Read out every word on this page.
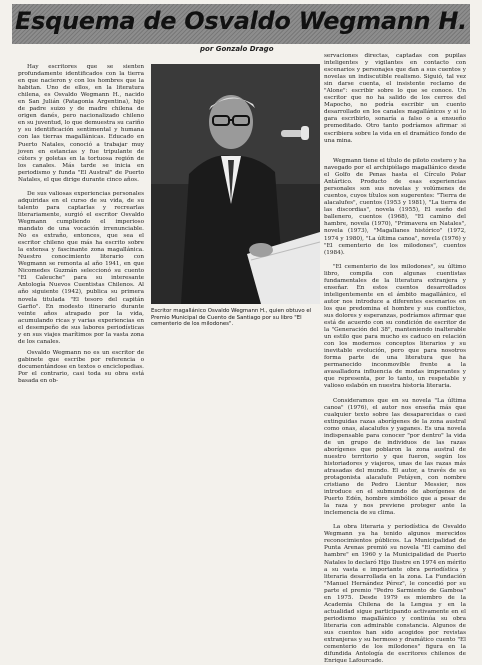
Esquema de Osvaldo Wegmann H.
por Gonzalo Drago

Hay escritores que se sienten profundamente identificados con la tierra en que nacieron y con los hombres que la habitan. Uno de ellos, en la literatura chilena, es Osvaldo Wegmann H., nacido en San Julián (Patagonia Argentina), hijo de padre suizo y de madre chilena de origen danés, pero nacionalizado chileno en su juventud, lo que demuestra su cariño y su identificación sentimental y humana con las tierras magallánicas. Educado en Puerto Natales, conoció a trabajar muy joven en estancias y fue tripulante de cúters y goletas en la tortuosa región de los canales. Más tarde se inicia en periodismo y funda "El Austral" de Puerto Natales, el que dirige durante cinco años.

De sus valiosas experiencias personales adquiridas en el curso de su vida, de su talento para captarlas y recrearlas literariamente, surgió el escritor Osvaldo Wegmann cumpliendo el imperioso mandato de una vocación irrenunciable. No es extraño, entonces, que sea el escritor chileno que más ha escrito sobre la extensa y fascinante zona magallánica. Nuestro conocimiento literario con Wegmann se remonta al año 1941, en que Nicomedes Guzmán seleccionó su cuento "El Caleuche" para su interesante Antología Nuevos Cuentistas Chilenos. Al año siguiente (1942), publica su primera novela titulada "El tesoro del capitán Garfio". En modesto itinerario durante veinte años atrapado por la vida, acumulando ricas y varias experiencias en el desempeño de sus labores periodísticas y en sus viajes marítimos por la vasta zona de los canales.

Osvaldo Wegmann no es un escritor de gabinete que escribe por referencia o documentándose en textos o enciclopedias. Por el contrario, casi toda su obra está basada en ob-

Escritor magallánico Osvaldo Wegmann H., quien obtuvo el Premio Municipal de Cuento de Santiago por su libro "El cementerio de los milodones".

servaciones directas, captadas con pupilas inteligentes y vigilantes en contacto con escenarios y personajes que dan a sus cuentos y novelas un indiscutible realismo. Siguió, tal vez sin darse cuenta, el insistente reclamo de "Alone": escribir sobre lo que se conoce. Un escritor que no ha salido de los cerros del Mapocho, no podría escribir un cuento desarrollado en los canales magallánicos y si lo gara escribirlo, sonaría a falso o a ensueño premeditado. Otro tanto podríamos afirmar si escribiera sobre la vida en el dramático fondo de una mina.

Wegmann tiene el título de piloto costero y ha navegado por el archipiélago magallánico desde el Golfo de Penas hasta el Círculo Polar Antártico. Producto de esas experiencias personales son sus novelas y volúmenes de cuentos, cuyos títulos son sugerentes: "Tierra de alacalufes", cuentos (1953 y 1981), "La tierra de las discordias", novela (1955), El sueño del ballenero, cuentos (1968), "El camino del hambre, novela (1970), "Primavera en Natales", novela (1973), "Magallanes histórico" (1972, 1974 y 1980), "La última canoa", novela (1976) y "El cementerio de los milodones", cuentos (1984).

"El cementerio de los milodones", su último libro, compila con algunas cuentistas fundamentales de la literatura extranjera y enseñar. En estos cuentos desarrollados inteligentemente en el ámbito magallánico, el autor nos introduce a diferentes escenarios en los que predomina el hombre y sus conflictos, sus dolores y esperanzas, podríamos afirmar que está de acuerdo con su condición de escritor de la "Generación del 38", manteniendo inalterable un estilo que para mucho es caduco en relación con los modernos conceptos literarios y su inevitable evolución, pero que para nosotros forma parte de una literatura que ha permanecido inconmovible frente a la avasalladora influencia de modas imperantes y que representa, por lo tanto, un respetable y valioso eslabón en nuestra historia literaria.

Consideramos que en su novela "La última canoa" (1976), el autor nos enseña más que cualquier texto sobre las desaparecidas o casi extinguidas razas aborígenes de la zona austral como onas, alacalufes y yaganes. Es una novela indispensable para conocer "por dentro" la vida de un grupo de individuos de las razas aborígenes que poblaron la zona austral de nuestro territorio y que fueron, según los historiadores y viajeros, unas de las razas más atrasadas del mundo. El autor, a través de su protagonista alacalufe Petáyen, con nombre cristiano de Pedro Lientur Messier, nos introduce en el submundo de aborígenes de Puerto Edén, hombre simbólico que a pesar de la raza y nos previene proteger ante la inclemencia de su clima.

La obra literaria y periodística de Osvaldo Wegmann ya ha tenido algunos merecidos reconocimientos públicos. La Municipalidad de Punta Arenas premió su novela "El camino del hambre" en 1960 y la Municipalidad de Puerto Natales lo declaró Hijo Ilustre en 1974 en mérito a su vasta e importante obra periodística y literaria desarrollada en la zona. La Fundación "Manuel Hernández Pérez", le concedió por su parte el premio "Pedro Sarmiento de Gamboa" en 1975. Desde 1979 es miembro de la Academia Chilena de la Lengua y en la actualidad sigue participando activamente en el periodismo magallánico y continúa su obra literaria con admirable constancia. Algunos de sus cuentos han sido acogidos por revistas extranjeras y su hermoso y dramático cuento "El cementerio de los milodones" figura en la difundida Antología de escritores chilenos de Enrique Lafourcade.
